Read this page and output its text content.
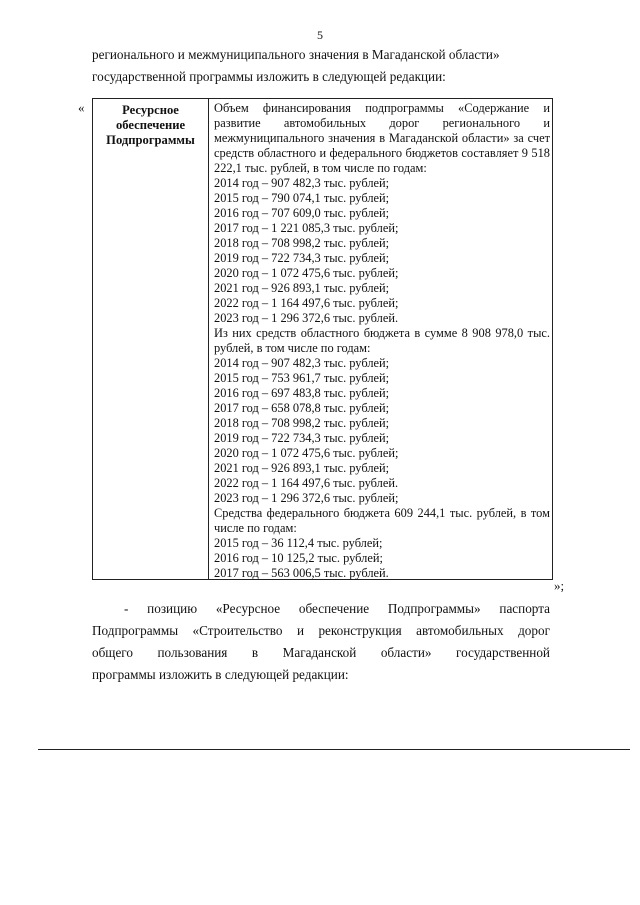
5
регионального и межмуниципального значения в Магаданской области»
государственной программы изложить в следующей редакции:
«	Ресурсное
обеспечение
Подпрограммы
Объем финансирования подпрограммы «Содержание и развитие автомобильных дорог регионального и межмуниципального значения в Магаданской области» за счет средств областного и федерального бюджетов составляет 9 518 222,1 тыс. рублей, в том числе по годам:
2014 год – 907 482,3 тыс. рублей;
2015 год – 790 074,1 тыс. рублей;
2016 год – 707 609,0 тыс. рублей;
2017 год – 1 221 085,3 тыс. рублей;
2018 год – 708 998,2 тыс. рублей;
2019 год – 722 734,3 тыс. рублей;
2020 год – 1 072 475,6 тыс. рублей;
2021 год – 926 893,1 тыс. рублей;
2022 год – 1 164 497,6 тыс. рублей;
2023 год – 1 296 372,6 тыс. рублей.
Из них средств областного бюджета в сумме 8 908 978,0 тыс. рублей, в том числе по годам:
2014 год – 907 482,3 тыс. рублей;
2015 год – 753 961,7 тыс. рублей;
2016 год – 697 483,8 тыс. рублей;
2017 год – 658 078,8 тыс. рублей;
2018 год – 708 998,2 тыс. рублей;
2019 год – 722 734,3 тыс. рублей;
2020 год – 1 072 475,6 тыс. рублей;
2021 год – 926 893,1 тыс. рублей;
2022 год – 1 164 497,6 тыс. рублей.
2023 год – 1 296 372,6 тыс. рублей;
Средства федерального бюджета 609 244,1 тыс. рублей, в том числе по годам:
2015 год – 36 112,4 тыс. рублей;
2016 год – 10 125,2 тыс. рублей;
2017 год – 563 006,5 тыс. рублей.
»;
- позицию «Ресурсное обеспечение Подпрограммы» паспорта
Подпрограммы «Строительство и реконструкция автомобильных дорог
общего пользования в Магаданской области» государственной
программы изложить в следующей редакции:
